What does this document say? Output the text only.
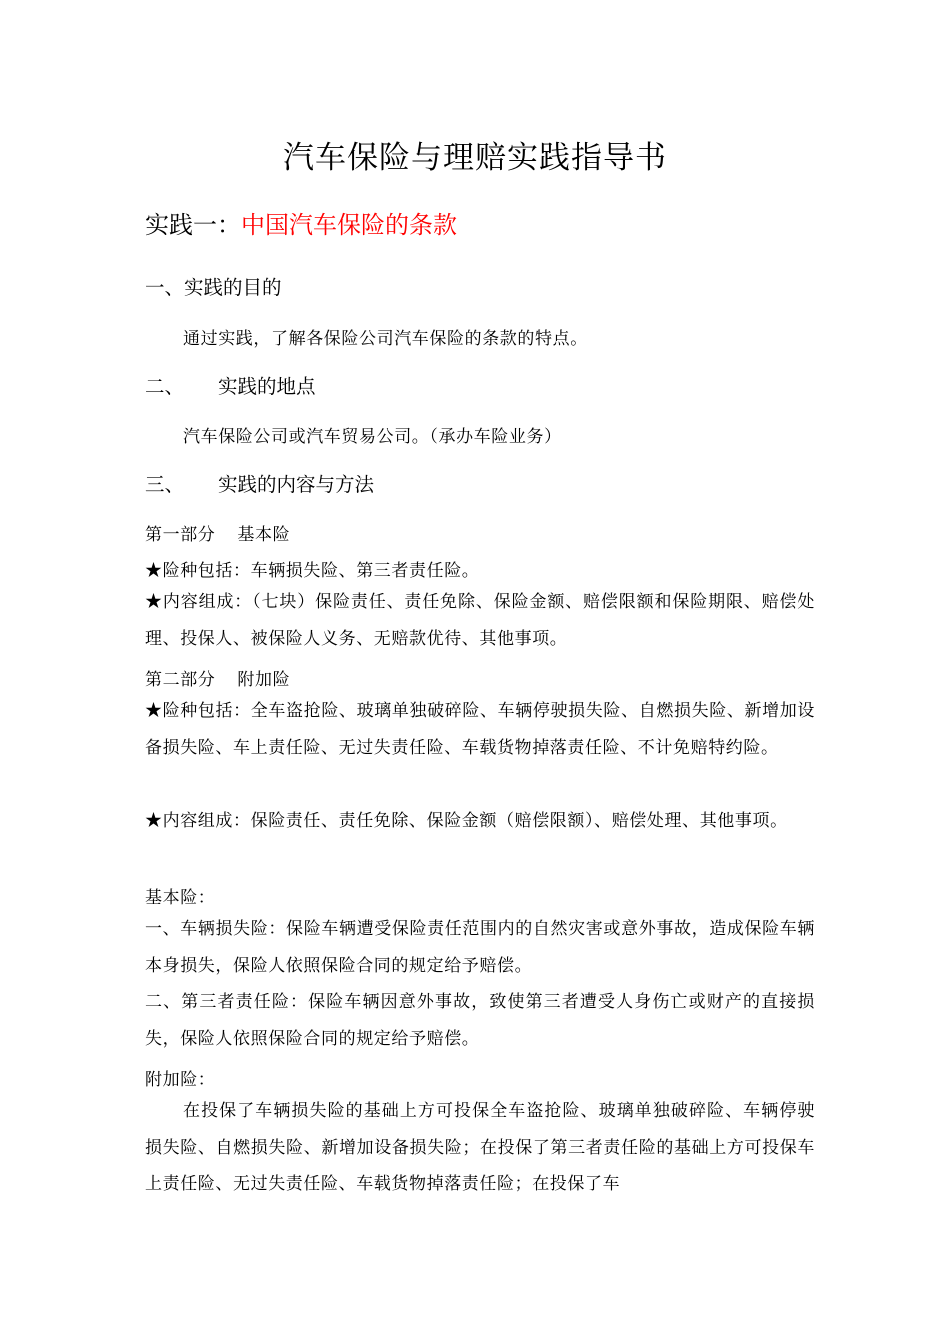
汽车保险与理赔实践指导书
实践一：中国汽车保险的条款
一、实践的目的
通过实践，了解各保险公司汽车保险的条款的特点。
二、 实践的地点
汽车保险公司或汽车贸易公司。（承办车险业务）
三、 实践的内容与方法
第一部分 基本险
★险种包括：车辆损失险、第三者责任险。
★内容组成：（七块）保险责任、责任免除、保险金额、赔偿限额和保险期限、赔偿处理、投保人、被保险人义务、无赔款优待、其他事项。
第二部分 附加险
★险种包括：全车盗抢险、玻璃单独破碎险、车辆停驶损失险、自燃损失险、新增加设备损失险、车上责任险、无过失责任险、车载货物掉落责任险、不计免赔特约险。
★内容组成：保险责任、责任免除、保险金额（赔偿限额）、赔偿处理、其他事项。
基本险：
一、车辆损失险：保险车辆遭受保险责任范围内的自然灾害或意外事故，造成保险车辆本身损失，保险人依照保险合同的规定给予赔偿。
二、第三者责任险：保险车辆因意外事故，致使第三者遭受人身伤亡或财产的直接损失，保险人依照保险合同的规定给予赔偿。
附加险：
在投保了车辆损失险的基础上方可投保全车盗抢险、玻璃单独破碎险、车辆停驶损失险、自燃损失险、新增加设备损失险；在投保了第三者责任险的基础上方可投保车上责任险、无过失责任险、车载货物掉落责任险；在投保了车
